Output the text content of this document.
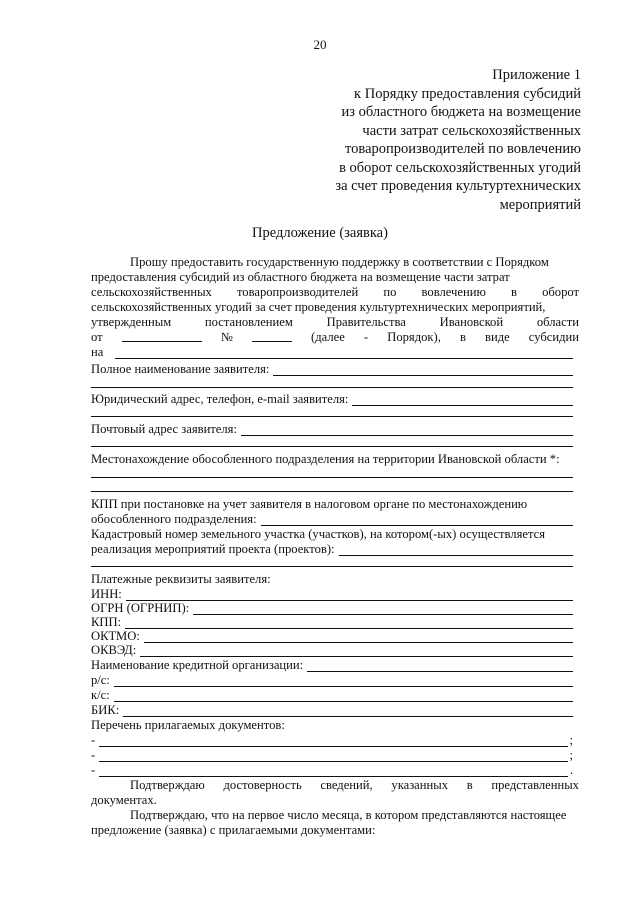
20
Приложение 1
к Порядку предоставления субсидий
из областного бюджета на возмещение
части затрат сельскохозяйственных
товаропроизводителей по вовлечению
в оборот сельскохозяйственных угодий
за счет проведения культуртехнических
мероприятий
Предложение (заявка)
Прошу предоставить государственную поддержку в соответствии с Порядком
предоставления субсидий из областного бюджета на возмещение части затрат
сельскохозяйственных товаропроизводителей по вовлечению в оборот
сельскохозяйственных угодий за счет проведения культуртехнических мероприятий,
утвержденным	постановлением	Правительства	Ивановской	области
от	№	(далее - Порядок), в виде субсидии
на
Полное наименование заявителя:
Юридический адрес, телефон, e-mail заявителя:
Почтовый адрес заявителя:
Местонахождение обособленного подразделения на территории Ивановской области *:
КПП при постановке на учет заявителя в налоговом органе по местонахождению
обособленного подразделения:
Кадастровый номер земельного участка (участков), на котором(-ых) осуществляется
реализация мероприятий проекта (проектов):
Платежные реквизиты заявителя:
ИНН:
ОГРН (ОГРНИП):
КПП:
ОКТМО:
ОКВЭД:
Наименование кредитной организации:
р/с:
к/с:
БИК:
Перечень прилагаемых документов:
-	;
-	;
-	.
Подтверждаю достоверность сведений, указанных в представленных
документах.
Подтверждаю, что на первое число месяца, в котором представляются настоящее
предложение (заявка) с прилагаемыми документами:
